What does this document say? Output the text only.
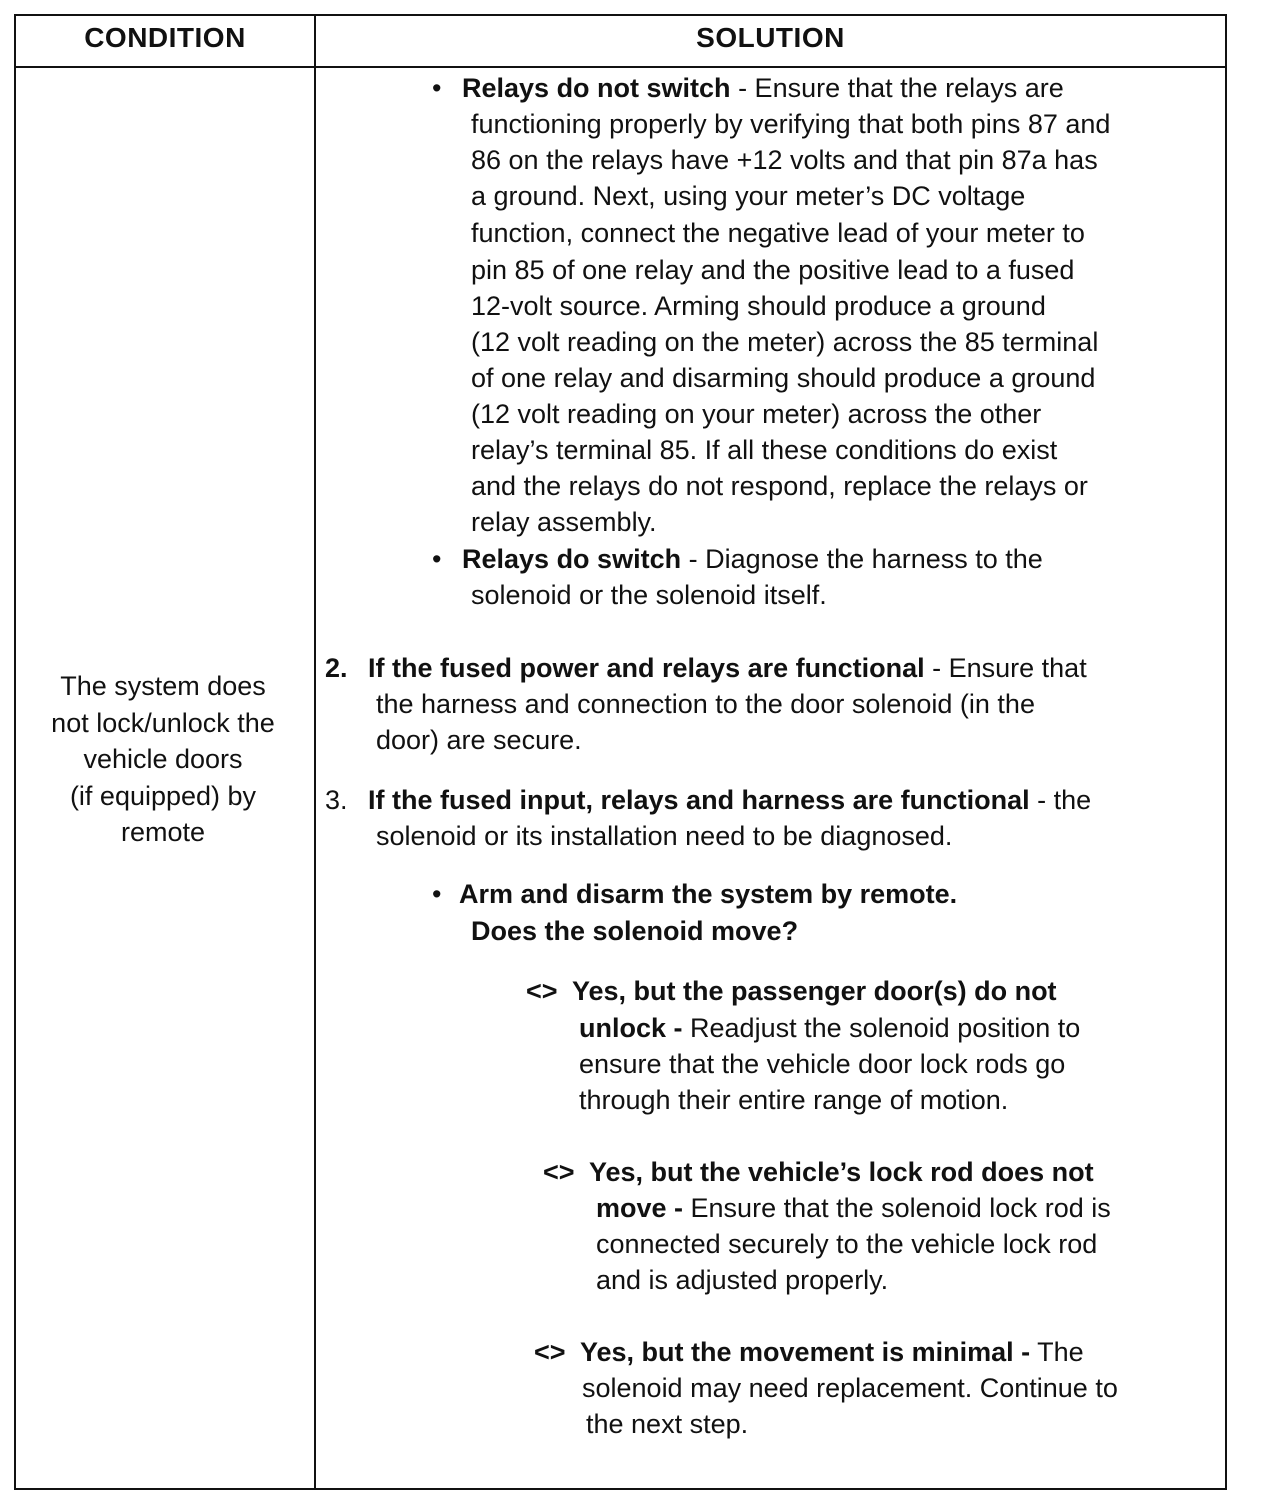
CONDITION	SOLUTION
The system does
not lock/unlock the
vehicle doors
(if equipped) by
remote
• Relays do not switch - Ensure that the relays are
functioning properly by verifying that both pins 87 and
86 on the relays have +12 volts and that pin 87a has
a ground. Next, using your meter’s DC voltage
function, connect the negative lead of your meter to
pin 85 of one relay and the positive lead to a fused
12-volt source. Arming should produce a ground
(12 volt reading on the meter) across the 85 terminal
of one relay and disarming should produce a ground
(12 volt reading on your meter) across the other
relay’s terminal 85. If all these conditions do exist
and the relays do not respond, replace the relays or
relay assembly.
• Relays do switch - Diagnose the harness to the
solenoid or the solenoid itself.
2. If the fused power and relays are functional - Ensure that
the harness and connection to the door solenoid (in the
door) are secure.
3. If the fused input, relays and harness are functional - the
solenoid or its installation need to be diagnosed.
• Arm and disarm the system by remote.
Does the solenoid move?
<> Yes, but the passenger door(s) do not
unlock - Readjust the solenoid position to
ensure that the vehicle door lock rods go
through their entire range of motion.
<> Yes, but the vehicle’s lock rod does not
move - Ensure that the solenoid lock rod is
connected securely to the vehicle lock rod
and is adjusted properly.
<> Yes, but the movement is minimal - The
solenoid may need replacement. Continue to
the next step.
